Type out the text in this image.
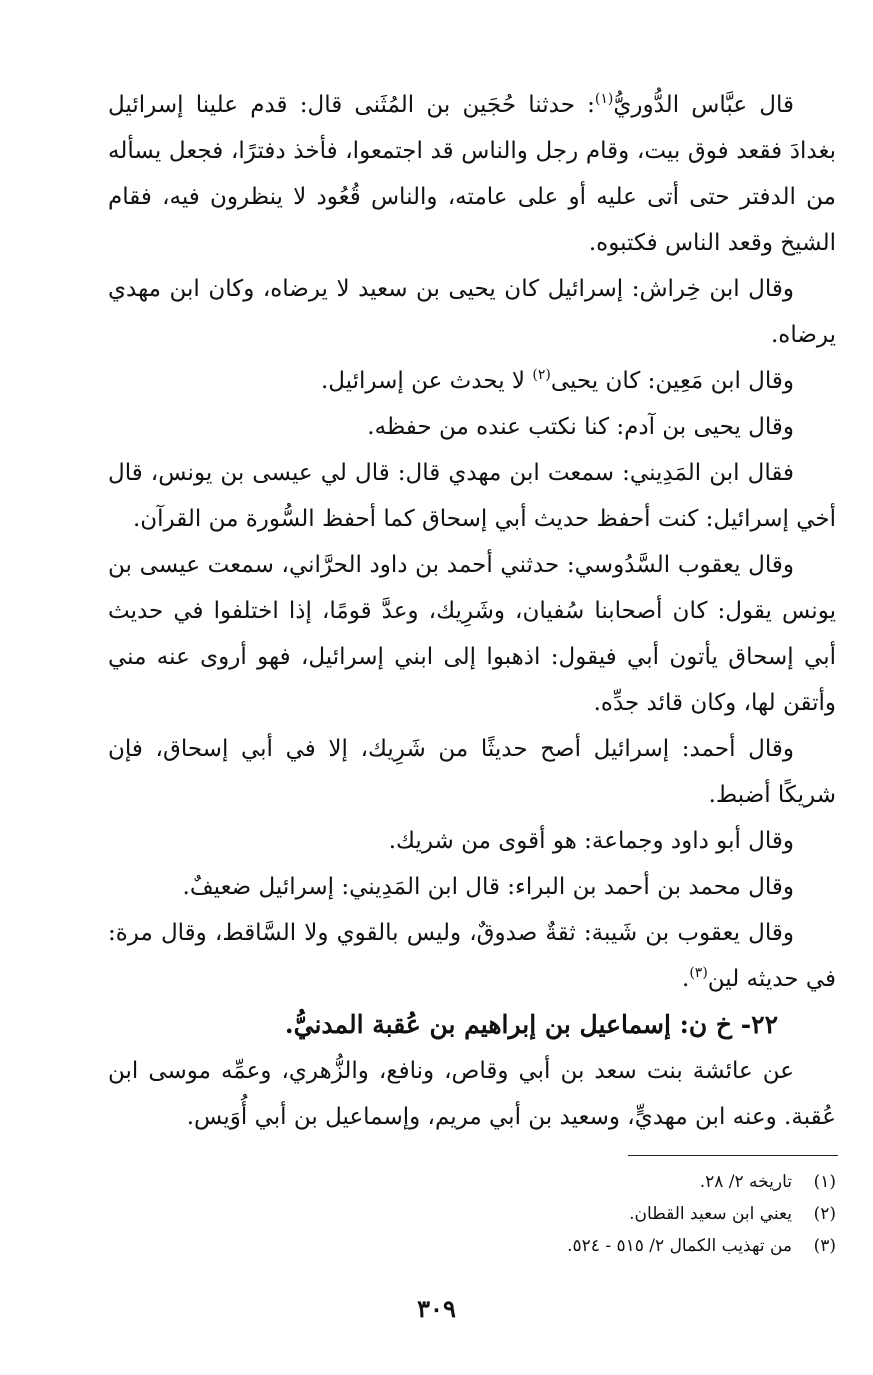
قال عبَّاس الدُّوريُّ$^{(١)}$: حدثنا حُجَين بن المُثَنى قال: قدم علينا إسرائيل بغدادَ فقعد فوق بيت، وقام رجل والناس قد اجتمعوا، فأخذ دفترًا، فجعل يسأله من الدفتر حتى أتى عليه أو على عامته، والناس قُعُود لا ينظرون فيه، فقام الشيخ وقعد الناس فكتبوه.

وقال ابن خِراش: إسرائيل كان يحيى بن سعيد لا يرضاه، وكان ابن مهدي يرضاه.

وقال ابن مَعِين: كان يحيى$^{(٢)}$ لا يحدث عن إسرائيل.

وقال يحيى بن آدم: كنا نكتب عنده من حفظه.

فقال ابن المَدِيني: سمعت ابن مهدي قال: قال لي عيسى بن يونس، قال أخي إسرائيل: كنت أحفظ حديث أبي إسحاق كما أحفظ السُّورة من القرآن.

وقال يعقوب السَّدُوسي: حدثني أحمد بن داود الحرَّاني، سمعت عيسى بن يونس يقول: كان أصحابنا سُفيان، وشَرِيك، وعدَّ قومًا، إذا اختلفوا في حديث أبي إسحاق يأتون أبي فيقول: اذهبوا إلى ابني إسرائيل، فهو أروى عنه مني وأتقن لها، وكان قائد جدِّه.

وقال أحمد: إسرائيل أصح حديثًا من شَرِيك، إلا في أبي إسحاق، فإن شريكًا أضبط.

وقال أبو داود وجماعة: هو أقوى من شريك.

وقال محمد بن أحمد بن البراء: قال ابن المَدِيني: إسرائيل ضعيفٌ.

وقال يعقوب بن شَيبة: ثقةٌ صدوقٌ، وليس بالقوي ولا السَّاقط، وقال مرة: في حديثه لين$^{(٣)}$.

٢٢- خ ن: إسماعيل بن إبراهيم بن عُقبة المدنيُّ.

عن عائشة بنت سعد بن أبي وقاص، ونافع، والزُّهري، وعمِّه موسى ابن عُقبة. وعنه ابن مهديٍّ، وسعيد بن أبي مريم، وإسماعيل بن أبي أُوَيس.

(١)تاريخه ٢/ ٢٨.

(٢)يعني ابن سعيد القطان.

(٣)من تهذيب الكمال ٢/ ٥١٥ - ٥٢٤.

٣٠٩
